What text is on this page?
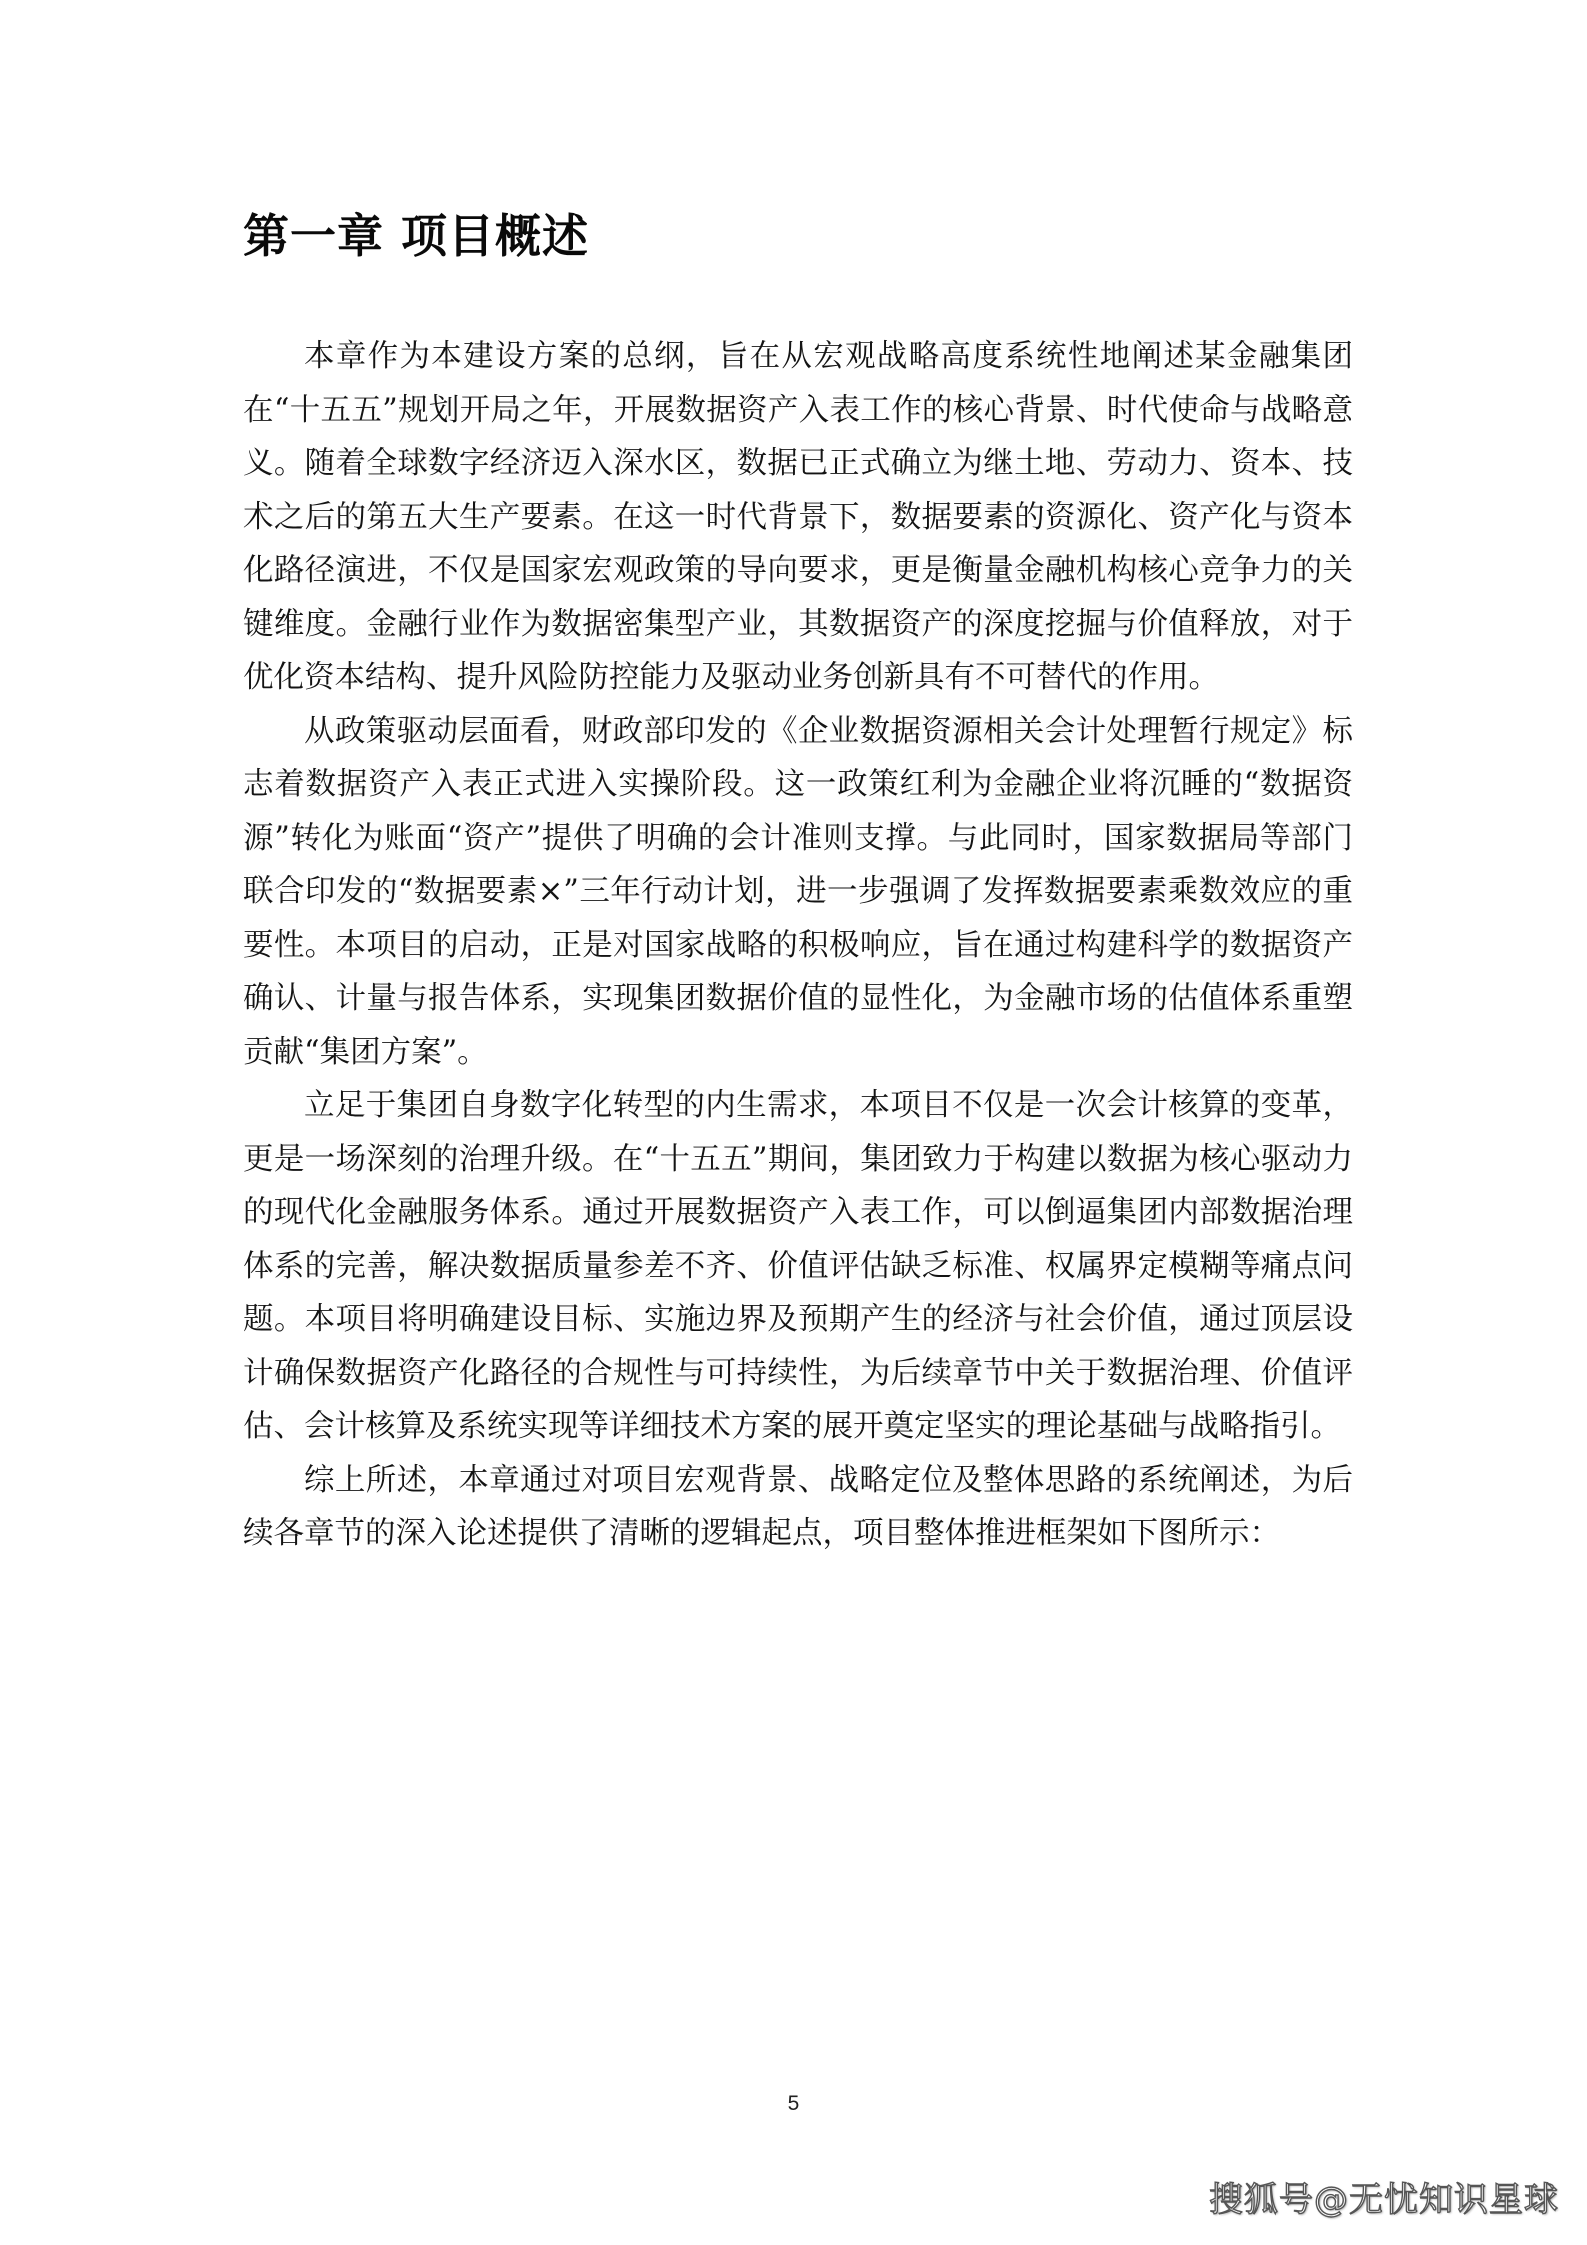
第一章 项目概述

本章作为本建设方案的总纲，旨在从宏观战略高度系统性地阐述某金融集团在“十五五”规划开局之年，开展数据资产入表工作的核心背景、时代使命与战略意义。随着全球数字经济迈入深水区，数据已正式确立为继土地、劳动力、资本、技术之后的第五大生产要素。在这一时代背景下，数据要素的资源化、资产化与资本化路径演进，不仅是国家宏观政策的导向要求，更是衡量金融机构核心竞争力的关键维度。金融行业作为数据密集型产业，其数据资产的深度挖掘与价值释放，对于优化资本结构、提升风险防控能力及驱动业务创新具有不可替代的作用。

从政策驱动层面看，财政部印发的《企业数据资源相关会计处理暂行规定》标志着数据资产入表正式进入实操阶段。这一政策红利为金融企业将沉睡的“数据资源”转化为账面“资产”提供了明确的会计准则支撑。与此同时，国家数据局等部门联合印发的“数据要素×”三年行动计划，进一步强调了发挥数据要素乘数效应的重要性。本项目的启动，正是对国家战略的积极响应，旨在通过构建科学的数据资产确认、计量与报告体系，实现集团数据价值的显性化，为金融市场的估值体系重塑贡献“集团方案”。

立足于集团自身数字化转型的内生需求，本项目不仅是一次会计核算的变革，更是一场深刻的治理升级。在“十五五”期间，集团致力于构建以数据为核心驱动力的现代化金融服务体系。通过开展数据资产入表工作，可以倒逼集团内部数据治理体系的完善，解决数据质量参差不齐、价值评估缺乏标准、权属界定模糊等痛点问题。本项目将明确建设目标、实施边界及预期产生的经济与社会价值，通过顶层设计确保数据资产化路径的合规性与可持续性，为后续章节中关于数据治理、价值评估、会计核算及系统实现等详细技术方案的展开奠定坚实的理论基础与战略指引。

综上所述，本章通过对项目宏观背景、战略定位及整体思路的系统阐述，为后续各章节的深入论述提供了清晰的逻辑起点，项目整体推进框架如下图所示：

5
搜狐号@无忧知识星球
